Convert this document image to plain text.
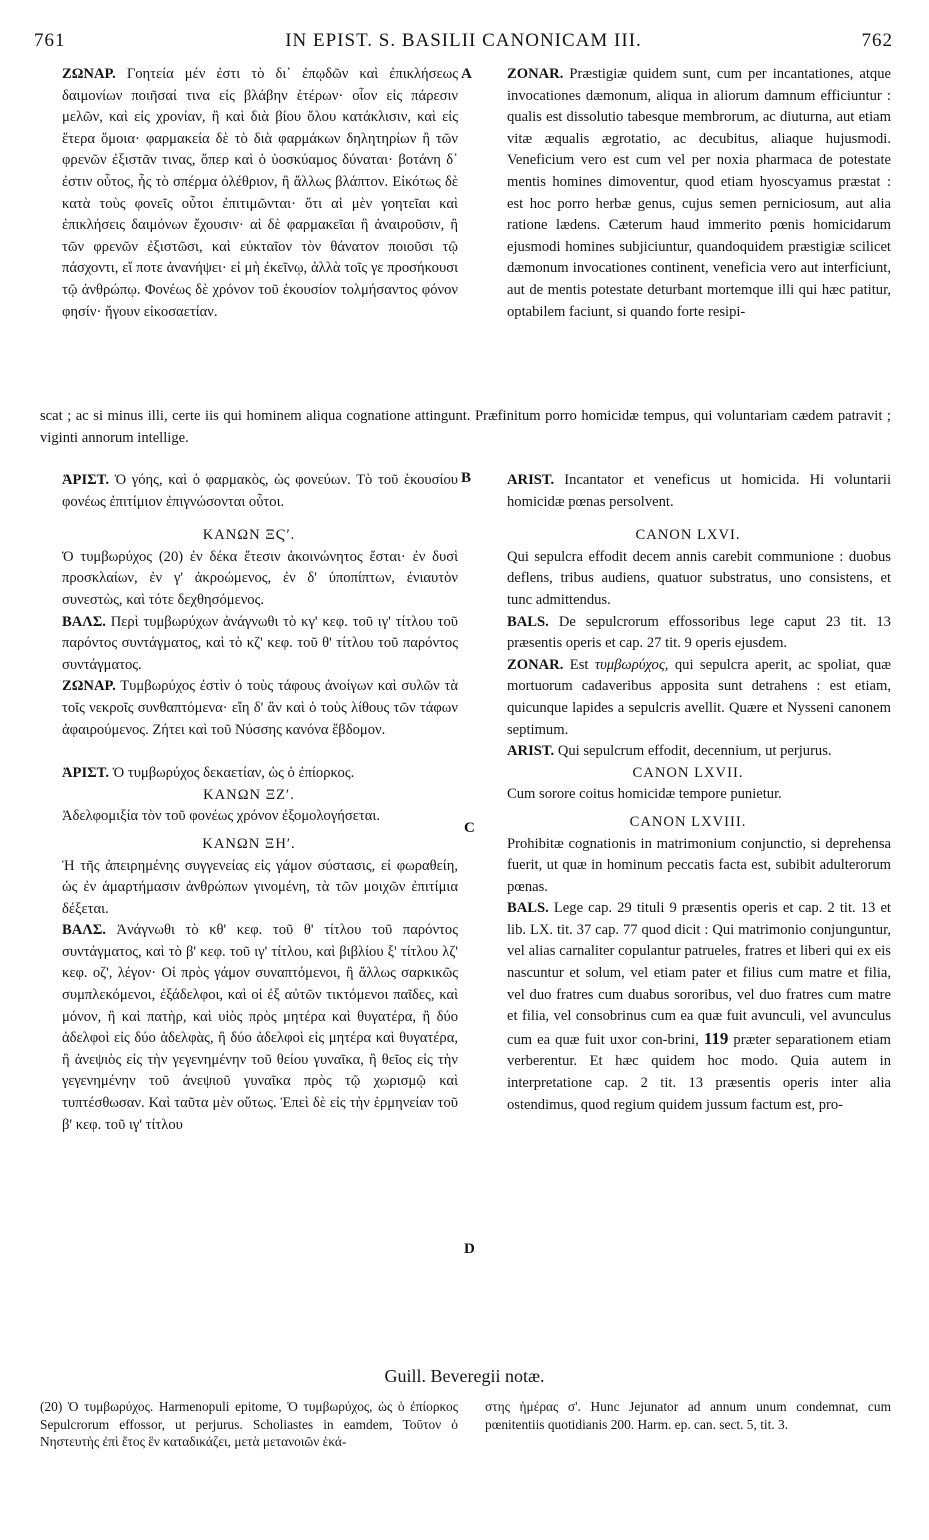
761	IN EPIST. S. BASILII CANONICAM III.	762
A
B
C
D

ΖΩΝΑΡ. Γοητεία μέν ἐστι τὸ δι᾿ ἐπῳδῶν καὶ ἐπικλήσεως δαιμονίων ποιῆσαί τινα εἰς βλάβην ἑτέρων· οἷον εἰς πάρεσιν μελῶν, καὶ εἰς χρονίαν, ἢ καὶ διὰ βίου ὅλου κατάκλισιν, καὶ εἰς ἕτερα ὅμοια· φαρμακεία δὲ τὸ διὰ φαρμάκων δηλητηρίων ἢ τῶν φρενῶν ἐξιστᾶν τινας, ὅπερ καὶ ὁ ὑοσκύαμος δύναται· βοτάνη δ᾿ ἐστιν οὗτος, ἧς τὸ σπέρμα ὀλέθριον, ἢ ἄλλως βλάπτον. Εἰκότως δὲ κατὰ τοὺς φονεῖς οὗτοι ἐπιτιμῶνται· ὅτι αἱ μὲν γοητεῖαι καὶ ἐπικλήσεις δαιμόνων ἔχουσιν· αἱ δὲ φαρμακεῖαι ἢ ἀναιροῦσιν, ἢ τῶν φρενῶν ἐξιστῶσι, καὶ εὐκταῖον τὸν θάνατον ποιοῦσι τῷ πάσχοντι, εἴ ποτε ἀνανήψει· εἰ μὴ ἐκεῖνῳ, ἀλλὰ τοῖς γε προσήκουσι τῷ ἀνθρώπῳ. Φονέως δὲ χρόνον τοῦ ἑκουσίον τολμήσαντος φόνον φησίν· ἤγουν εἰκοσαετίαν.

ZONAR. Præstigiæ quidem sunt, cum per incantationes, atque invocationes dæmonum, aliqua in aliorum damnum efficiuntur : qualis est dissolutio tabesque membrorum, ac diuturna, aut etiam vitæ æqualis ægrotatio, ac decubitus, aliaque hujusmodi. Veneficium vero est cum vel per noxia pharmaca de potestate mentis homines dimoventur, quod etiam hyoscyamus præstat : est hoc porro herbæ genus, cujus semen perniciosum, aut alia ratione lædens. Cæterum haud immerito pœnis homicidarum ejusmodi homines subjiciuntur, quandoquidem præstigiæ scilicet dæmonum invocationes continent, veneficia vero aut interficiunt, aut de mentis potestate deturbant mortemque illi qui hæc patitur, optabilem faciunt, si quando forte resipi-

scat ; ac si minus illi, certe iis qui hominem aliqua cognatione attingunt. Præfinitum porro homicidæ tempus, qui voluntariam cædem patravit ; viginti annorum intellige.

ἈΡΙΣΤ. Ὁ γόης, καὶ ὁ φαρμακὸς, ὡς φονεύων. Τὸ τοῦ ἑκουσίου φονέως ἐπιτίμιον ἐπιγνώσονται οὗτοι.

ΚΑΝΩΝ ΞϚʹ.

Ὁ τυμβωρύχος (20) ἐν δέκα ἔτεσιν ἀκοινώνητος ἔσται· ἐν δυσὶ προσκλαίων, ἐν γ' ἀκροώμενος, ἐν δ' ὑποπίπτων, ἐνιαυτὸν συνεστὼς, καὶ τότε δεχθησόμενος.

ΒΑΛΣ. Περὶ τυμβωρύχων ἀνάγνωθι τὸ κγ' κεφ. τοῦ ιγ' τίτλου τοῦ παρόντος συντάγματος, καὶ τὸ κζ' κεφ. τοῦ θ' τίτλου τοῦ παρόντος συντάγματος.

ΖΩΝΑΡ. Τυμβωρύχος ἐστὶν ὁ τοὺς τάφους ἀνοίγων καὶ συλῶν τὰ τοῖς νεκροῖς συνθαπτόμενα· εἴη δ' ἂν καὶ ὁ τοὺς λίθους τῶν τάφων ἀφαιρούμενος. Ζήτει καὶ τοῦ Νύσσης κανόνα ἕβδομον.

ἈΡΙΣΤ. Ὁ τυμβωρύχος δεκαετίαν, ὡς ὁ ἐπίορκος.

ΚΑΝΩΝ ΞΖʹ.

Ἀδελφομιξία τὸν τοῦ φονέως χρόνον ἐξομολογήσεται.

ΚΑΝΩΝ ΞΗʹ.

Ἡ τῆς ἀπειρημένης συγγενείας εἰς γάμον σύστασις, εἰ φωραθείη, ὡς ἐν ἁμαρτήμασιν ἀνθρώπων γινομένη, τὰ τῶν μοιχῶν ἐπιτίμια δέξεται.

ΒΑΛΣ. Ἀνάγνωθι τὸ κθ' κεφ. τοῦ θ' τίτλου τοῦ παρόντος συντάγματος, καὶ τὸ β' κεφ. τοῦ ιγ' τίτλου, καὶ βιβλίου ξ' τίτλου λζ' κεφ. οζ', λέγον· Οἱ πρὸς γάμον συναπτόμενοι, ἢ ἄλλως σαρκικῶς συμπλεκόμενοι, ἐξάδελφοι, καὶ οἱ ἐξ αὐτῶν τικτόμενοι παῖδες, καὶ μόνον, ἢ καὶ πατὴρ, καὶ υἱὸς πρὸς μητέρα καὶ θυγατέρα, ἢ δύο ἀδελφοὶ εἰς δύο ἀδελφὰς, ἢ δύο ἀδελφοὶ εἰς μητέρα καὶ θυγατέρα, ἢ ἀνεψιὸς εἰς τὴν γεγενημένην τοῦ θείου γυναῖκα, ἢ θεῖος εἰς τὴν γεγενημένην τοῦ ἀνεψιοῦ γυναῖκα πρὸς τῷ χωρισμῷ καὶ τυπτέσθωσαν. Καὶ ταῦτα μὲν οὕτως. Ἐπεὶ δὲ εἰς τὴν ἑρμηνείαν τοῦ β' κεφ. τοῦ ιγ' τίτλου

ARIST. Incantator et veneficus ut homicida. Hi voluntarii homicidæ pœnas persolvent.

CANON LXVI.

Qui sepulcra effodit decem annis carebit communione : duobus deflens, tribus audiens, quatuor substratus, uno consistens, et tunc admittendus.

BALS. De sepulcrorum effossoribus lege caput 23 tit. 13 præsentis operis et cap. 27 tit. 9 operis ejusdem.

ZONAR. Est τυμβωρύχος, qui sepulcra aperit, ac spoliat, quæ mortuorum cadaveribus apposita sunt detrahens : est etiam, quicunque lapides a sepulcris avellit. Quære et Nysseni canonem septimum.

ARIST. Qui sepulcrum effodit, decennium, ut perjurus.

CANON LXVII.

Cum sorore coitus homicidæ tempore punietur.

CANON LXVIII.

Prohibitæ cognationis in matrimonium conjunctio, si deprehensa fuerit, ut quæ in hominum peccatis facta est, subibit adulterorum pœnas.

BALS. Lege cap. 29 tituli 9 præsentis operis et cap. 2 tit. 13 et lib. LX. tit. 37 cap. 77 quod dicit : Qui matrimonio conjunguntur, vel alias carnaliter copulantur patrueles, fratres et liberi qui ex eis nascuntur et solum, vel etiam pater et filius cum matre et filia, vel duo fratres cum duabus sororibus, vel duo fratres cum matre et filia, vel consobrinus cum ea quæ fuit avunculi, vel avunculus cum ea quæ fuit uxor con-brini, 119 præter separationem etiam verberentur. Et hæc quidem hoc modo. Quia autem in interpretatione cap. 2 tit. 13 præsentis operis inter alia ostendimus, quod regium quidem jussum factum est, pro-

Guill. Beveregii notæ.
(20) Ὁ τυμβωρύχος. Harmenopuli epitome, Ὁ τυμβωρύχος, ὡς ὁ ἐπίορκος Sepulcrorum effossor, ut perjurus. Scholiastes in eamdem, Τοῦτον ὁ Νηστευτὴς ἐπὶ ἔτος ἓν καταδικάζει, μετὰ μετανοιῶν ἑκά-
στης ἡμέρας σ'. Hunc Jejunator ad annum unum condemnat, cum pœnitentiis quotidianis 200. Harm. ep. can. sect. 5, tit. 3.
